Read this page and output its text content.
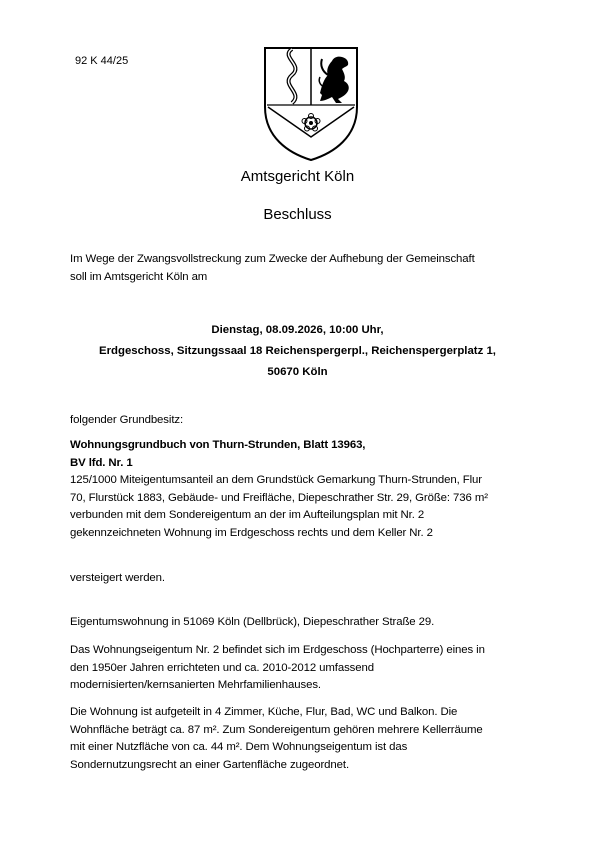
92 K 44/25
Amtsgericht Köln
Beschluss
Im Wege der Zwangsvollstreckung zum Zwecke der Aufhebung der Gemeinschaft
soll im Amtsgericht Köln am
Dienstag, 08.09.2026, 10:00 Uhr,
Erdgeschoss, Sitzungssaal 18 Reichenspergerpl., Reichenspergerplatz 1,
50670 Köln
folgender Grundbesitz:
Wohnungsgrundbuch von Thurn-Strunden, Blatt 13963,
BV lfd. Nr. 1
125/1000 Miteigentumsanteil an dem Grundstück Gemarkung Thurn-Strunden, Flur
70, Flurstück 1883, Gebäude- und Freifläche, Diepeschrather Str. 29, Größe: 736 m²
verbunden mit dem Sondereigentum an der im Aufteilungsplan mit Nr. 2
gekennzeichneten Wohnung im Erdgeschoss rechts und dem Keller Nr. 2
versteigert werden.
Eigentumswohnung in 51069 Köln (Dellbrück), Diepeschrather Straße 29.
Das Wohnungseigentum Nr. 2 befindet sich im Erdgeschoss (Hochparterre) eines in
den 1950er Jahren errichteten und ca. 2010-2012 umfassend
modernisierten/kernsanierten Mehrfamilienhauses.
Die Wohnung ist aufgeteilt in 4 Zimmer, Küche, Flur, Bad, WC und Balkon. Die
Wohnfläche beträgt ca. 87 m². Zum Sondereigentum gehören mehrere Kellerräume
mit einer Nutzfläche von ca. 44 m². Dem Wohnungseigentum ist das
Sondernutzungsrecht an einer Gartenfläche zugeordnet.
